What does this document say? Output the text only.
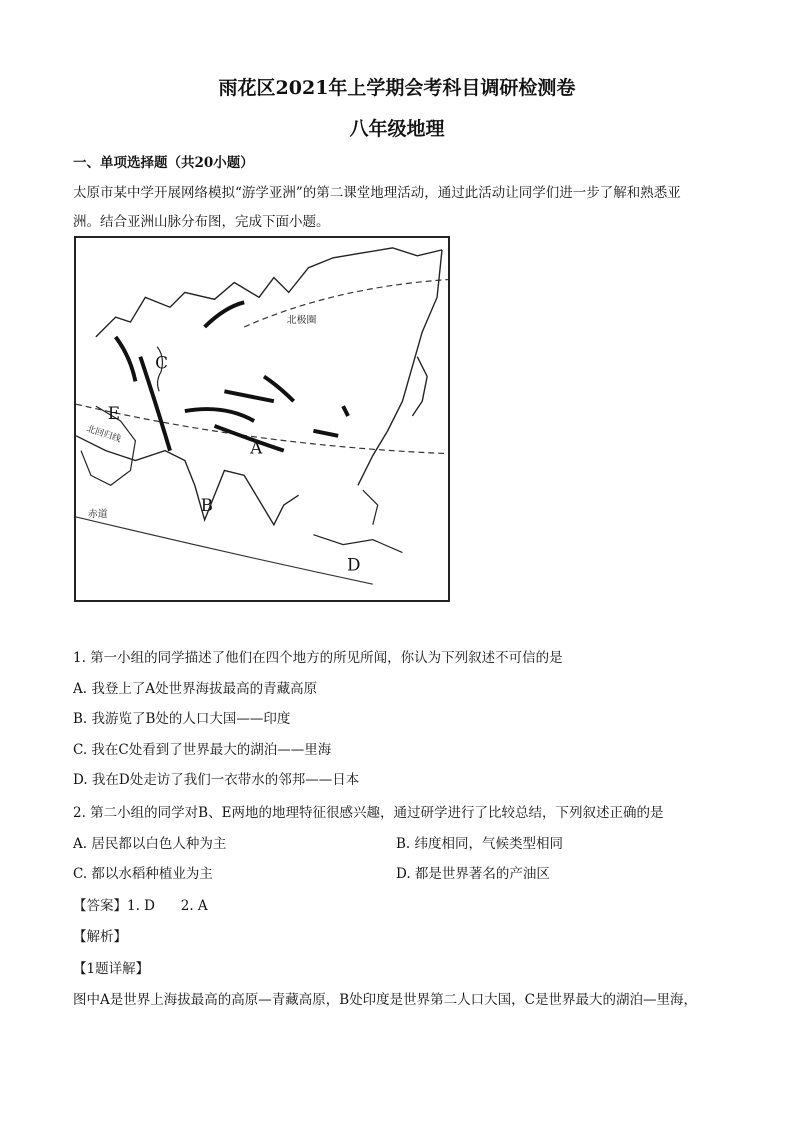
雨花区2021年上学期会考科目调研检测卷
八年级地理
一、单项选择题（共20小题）
太原市某中学开展网络模拟“游学亚洲”的第二课堂地理活动，通过此活动让同学们进一步了解和熟悉亚
洲。结合亚洲山脉分布图，完成下面小题。
北极圈
北回归线
赤道
A
B
C
D
E
1. 第一小组的同学描述了他们在四个地方的所见所闻，你认为下列叙述不可信的是
A. 我登上了A处世界海拔最高的青藏高原
B. 我游览了B处的人口大国——印度
C. 我在C处看到了世界最大的湖泊——里海
D. 我在D处走访了我们一衣带水的邻邦——日本
2. 第二小组的同学对B、E两地的地理特征很感兴趣，通过研学进行了比较总结，下列叙述正确的是
A. 居民都以白色人种为主	B. 纬度相同，气候类型相同
C. 都以水稻种植业为主	D. 都是世界著名的产油区
【答案】1. D      2. A
【解析】
【1题详解】
图中A是世界上海拔最高的高原—青藏高原，B处印度是世界第二人口大国，C是世界最大的湖泊—里海，
